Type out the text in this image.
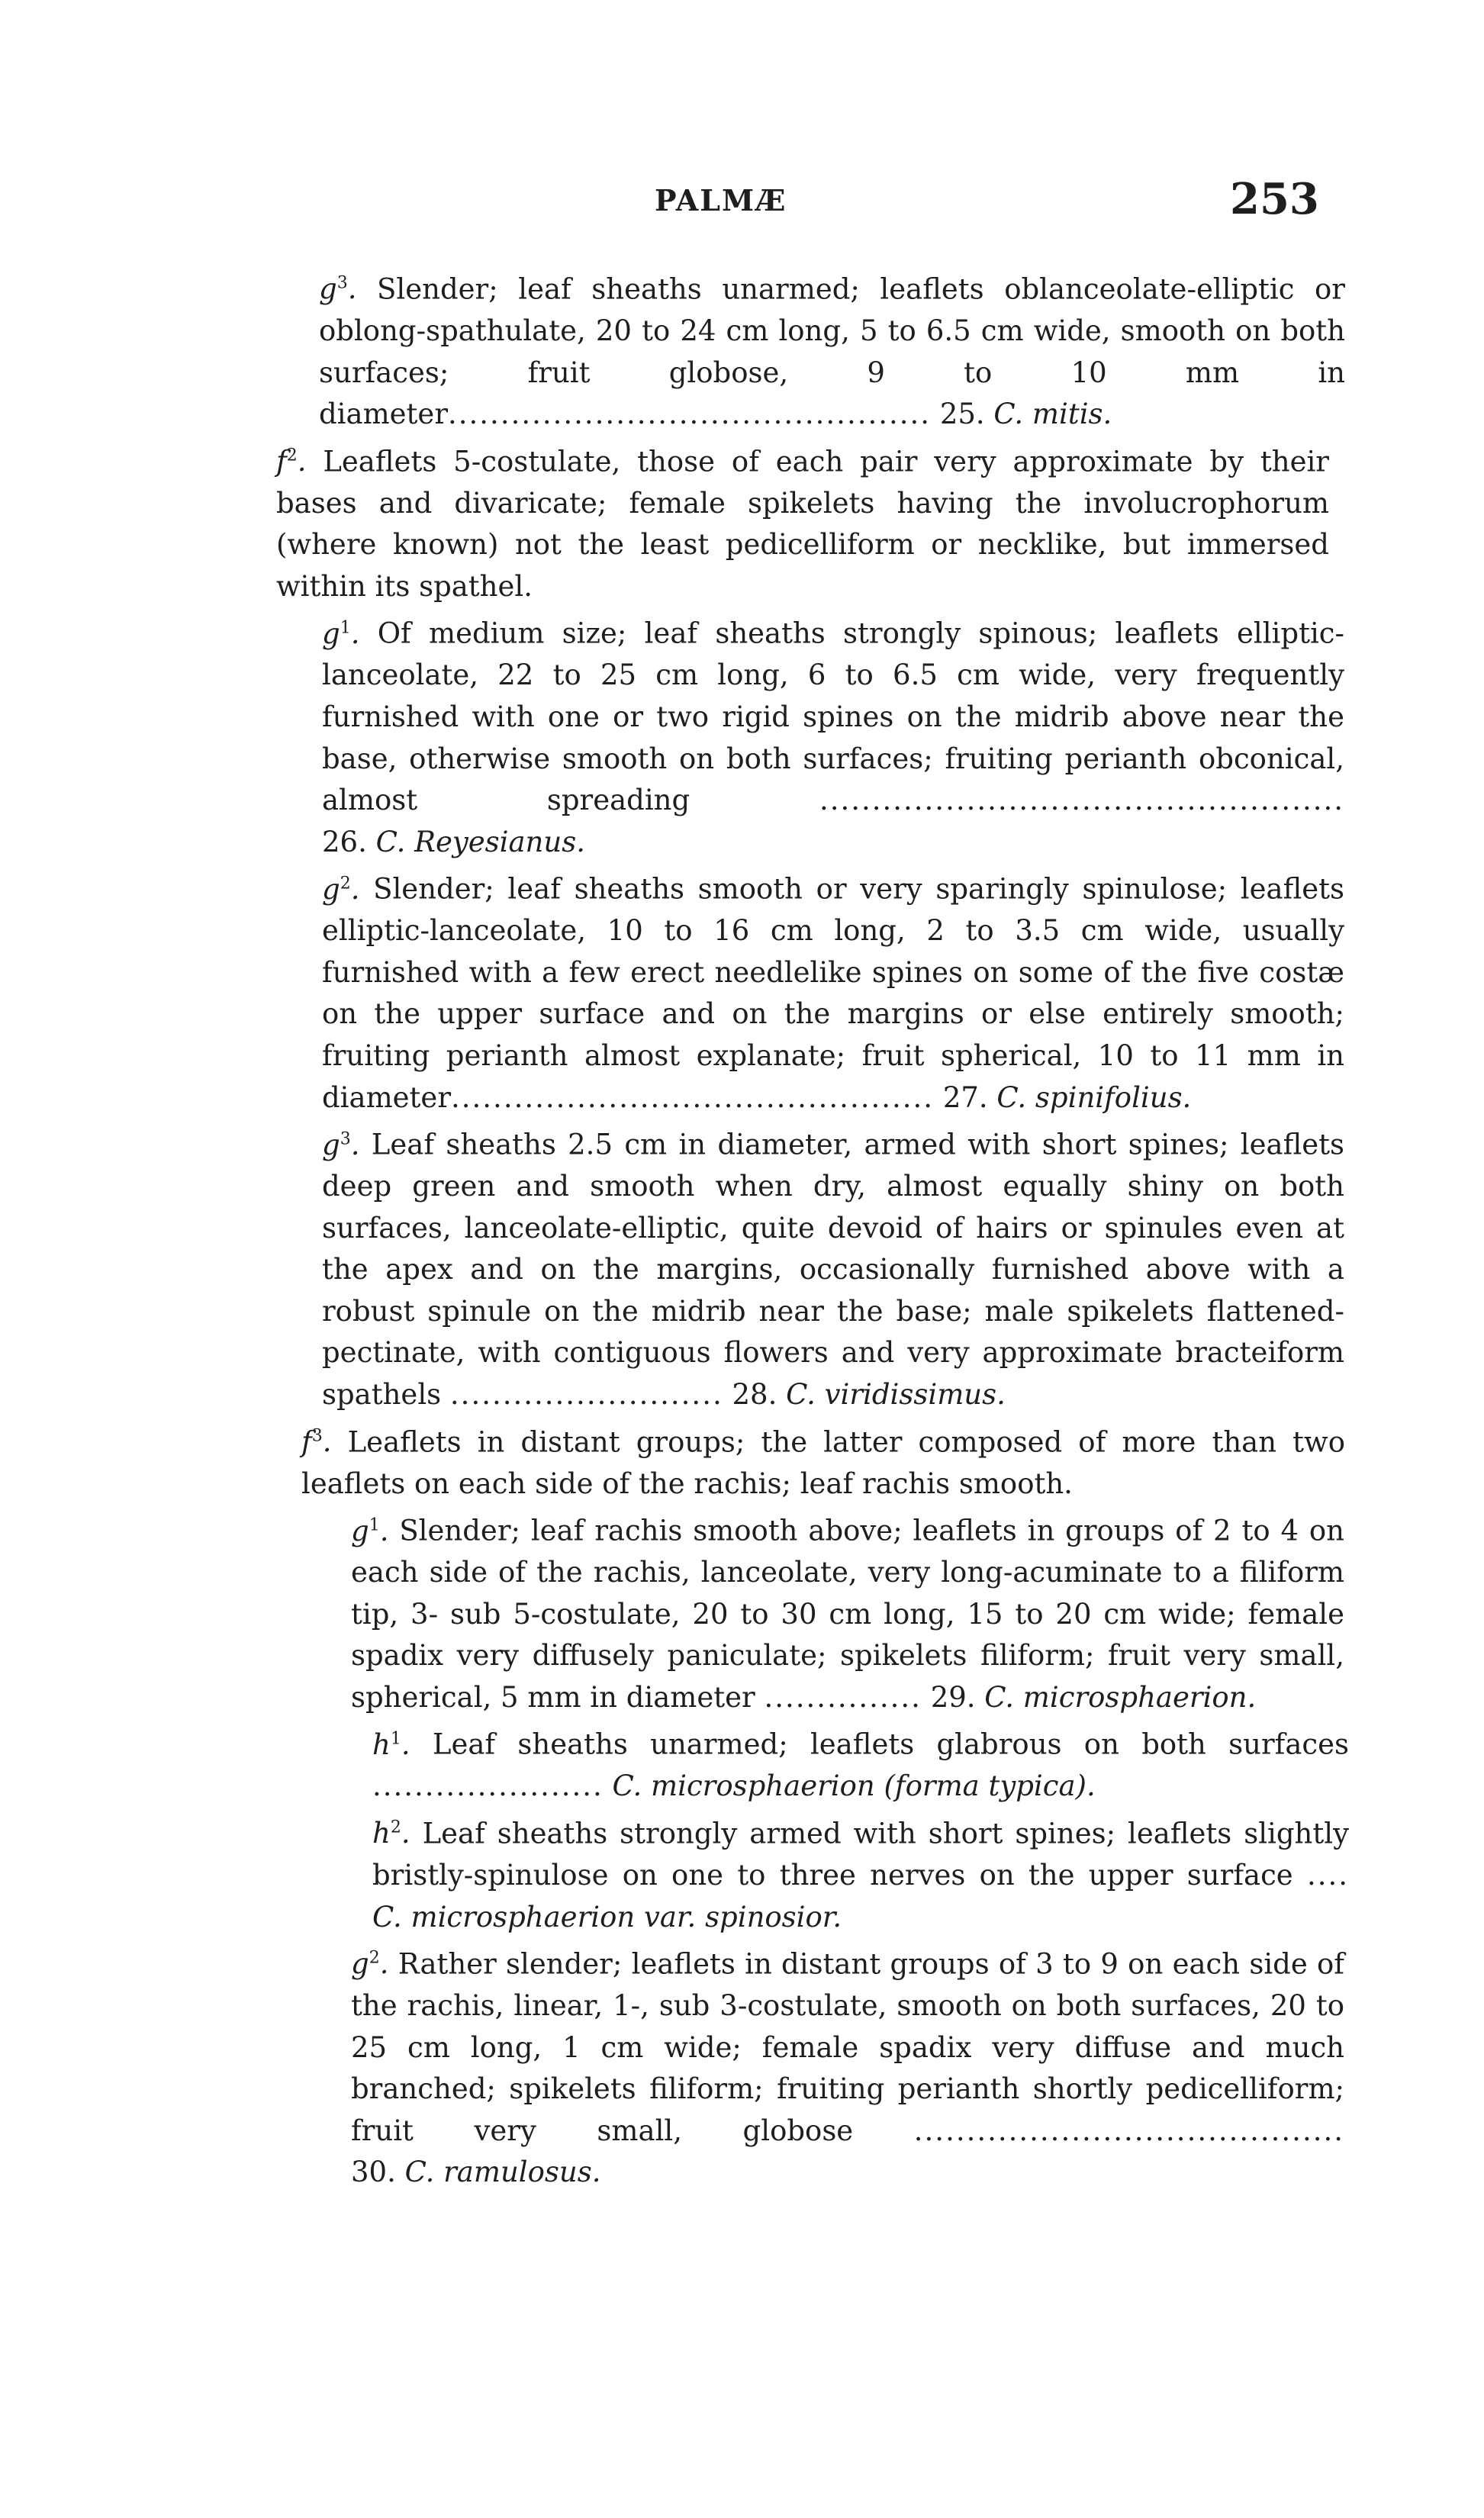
PALMÆ	253

$g^3$. Slender; leaf sheaths unarmed; leaflets oblanceolate-elliptic or oblong-spathulate, 20 to 24 cm long, 5 to 6.5 cm wide, smooth on both surfaces; fruit globose, 9 to 10 mm in diameter.............................................. 25. C. mitis.

$f^2$. Leaflets 5-costulate, those of each pair very approximate by their bases and divaricate; female spikelets having the involucrophorum (where known) not the least pedicelliform or necklike, but immersed within its spathel.

$g^1$. Of medium size; leaf sheaths strongly spinous; leaflets elliptic-lanceolate, 22 to 25 cm long, 6 to 6.5 cm wide, very frequently furnished with one or two rigid spines on the midrib above near the base, otherwise smooth on both surfaces; fruiting perianth obconical, almost spreading	.................................................. 26. C. Reyesianus.

$g^2$. Slender; leaf sheaths smooth or very sparingly spinulose; leaflets elliptic-lanceolate, 10 to 16 cm long, 2 to 3.5 cm wide, usually furnished with a few erect needlelike spines on some of the five costæ on the upper surface and on the margins or else entirely smooth; fruiting perianth almost explanate; fruit spherical, 10 to 11 mm in diameter.............................................. 27. C. spinifolius.

$g^3$. Leaf sheaths 2.5 cm in diameter, armed with short spines; leaflets deep green and smooth when dry, almost equally shiny on both surfaces, lanceolate-elliptic, quite devoid of hairs or spinules even at the apex and on the margins, occasionally furnished above with a robust spinule on the midrib near the base; male spikelets flattened-pectinate, with contiguous flowers and very approximate bracteiform spathels .......................... 28. C. viridissimus.

$f^3$. Leaflets in distant groups; the latter composed of more than two leaflets on each side of the rachis; leaf rachis smooth.

$g^1$. Slender; leaf rachis smooth above; leaflets in groups of 2 to 4 on each side of the rachis, lanceolate, very long-acuminate to a filiform tip, 3- sub 5-costulate, 20 to 30 cm long, 15 to 20 cm wide; female spadix very diffusely paniculate; spikelets filiform; fruit very small, spherical, 5 mm in diameter ............... 29. C. microsphaerion.

$h^1$. Leaf sheaths unarmed; leaflets glabrous on both surfaces ...................... C. microsphaerion (forma typica).

$h^2$. Leaf sheaths strongly armed with short spines; leaflets slightly bristly-spinulose on one to three nerves on the upper surface .... C. microsphaerion var. spinosior.

$g^2$. Rather slender; leaflets in distant groups of 3 to 9 on each side of the rachis, linear, 1-, sub 3-costulate, smooth on both surfaces, 20 to 25 cm long, 1 cm wide; female spadix very diffuse and much branched; spikelets filiform; fruiting perianth shortly pedicelliform; fruit very small, globose ......................................... 30. C. ramulosus.
